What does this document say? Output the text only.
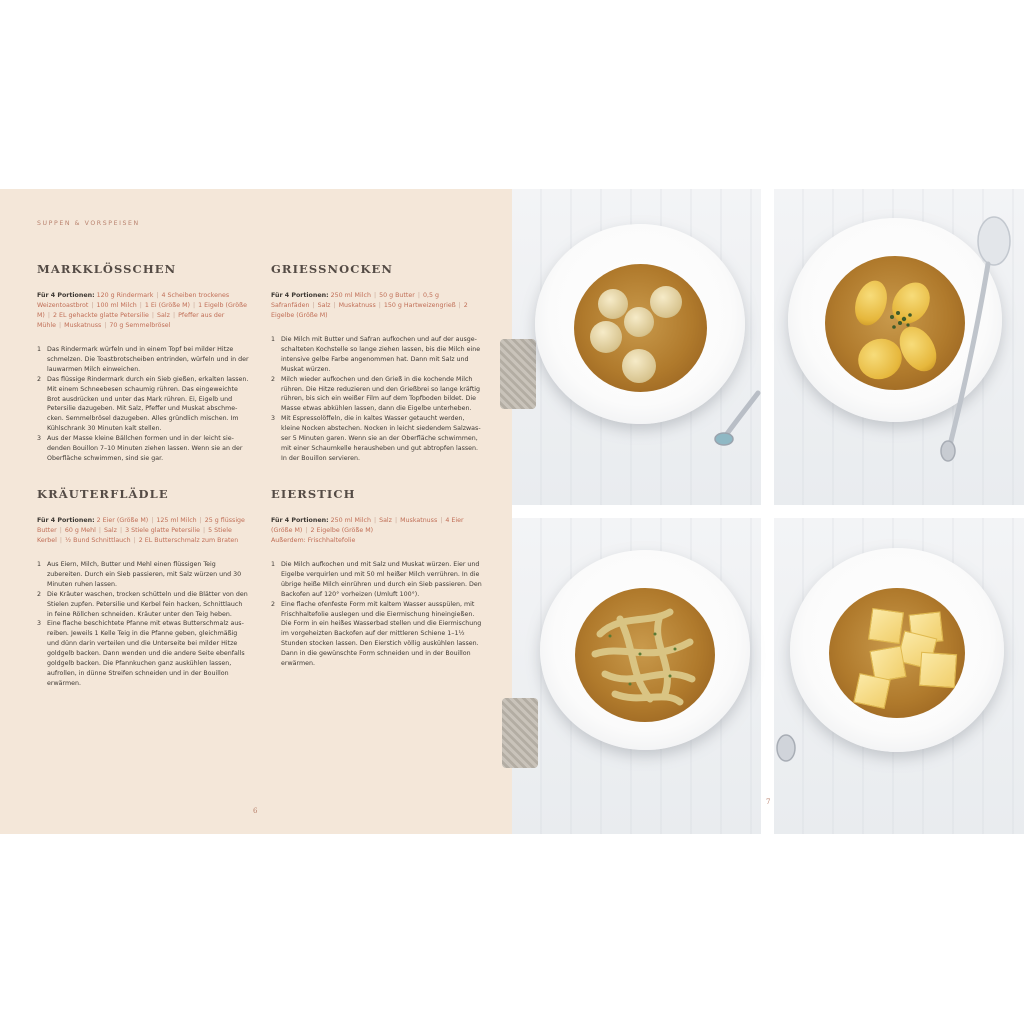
SUPPEN & VORSPEISEN
MARKKLÖSSCHEN

Für 4 Portionen: 120 g Rindermark | 4 Scheiben trockenes Weizentoastbrot | 100 ml Milch | 1 Ei (Größe M) | 1 Eigelb (Größe M) | 2 EL gehackte glatte Petersilie | Salz | Pfeffer aus der Mühle | Muskatnuss | 70 g Semmelbrösel

1 Das Rindermark würfeln und in einem Topf bei milder Hitze schmelzen. Die Toastbrotscheiben entrinden, würfeln und in der lauwarmen Milch einweichen.
2 Das flüssige Rindermark durch ein Sieb gießen, erkalten lassen. Mit einem Schneebesen schaumig rühren. Das eingeweichte Brot ausdrücken und unter das Mark rühren. Ei, Eigelb und Petersilie dazugeben. Mit Salz, Pfeffer und Muskat abschmecken. Semmelbrösel dazugeben. Alles gründlich mischen. Im Kühlschrank 30 Minuten kalt stellen.
3 Aus der Masse kleine Bällchen formen und in der leicht siedenden Bouillon 7–10 Minuten ziehen lassen. Wenn sie an der Oberfläche schwimmen, sind sie gar.
GRIESSNOCKEN

Für 4 Portionen: 250 ml Milch | 50 g Butter | 0,5 g Safranfäden | Salz | Muskatnuss | 150 g Hartweizengrieß | 2 Eigelbe (Größe M)

1 Die Milch mit Butter und Safran aufkochen und auf der ausgeschalteten Kochstelle so lange ziehen lassen, bis die Milch eine intensive gelbe Farbe angenommen hat. Dann mit Salz und Muskat würzen.
2 Milch wieder aufkochen und den Grieß in die kochende Milch rühren. Die Hitze reduzieren und den Grießbrei so lange kräftig rühren, bis sich ein weißer Film auf dem Topfboden bildet. Die Masse etwas abkühlen lassen, dann die Eigelbe unterheben.
3 Mit Espressolöffeln, die in kaltes Wasser getaucht werden, kleine Nocken abstechen. Nocken in leicht siedendem Salzwasser 5 Minuten garen. Wenn sie an der Oberfläche schwimmen, mit einer Schaumkelle herausheben und gut abtropfen lassen. In der Bouillon servieren.
KRÄUTERFLÄDLE

Für 4 Portionen: 2 Eier (Größe M) | 125 ml Milch | 25 g flüssige Butter | 60 g Mehl | Salz | 3 Stiele glatte Petersilie | 5 Stiele Kerbel | ½ Bund Schnittlauch | 2 EL Butterschmalz zum Braten

1 Aus Eiern, Milch, Butter und Mehl einen flüssigen Teig zubereiten. Durch ein Sieb passieren, mit Salz würzen und 30 Minuten ruhen lassen.
2 Die Kräuter waschen, trocken schütteln und die Blätter von den Stielen zupfen. Petersilie und Kerbel fein hacken, Schnittlauch in feine Röllchen schneiden. Kräuter unter den Teig heben.
3 Eine flache beschichtete Pfanne mit etwas Butterschmalz ausreiben. Jeweils 1 Kelle Teig in die Pfanne geben, gleichmäßig und dünn darin verteilen und die Unterseite bei milder Hitze goldgelb backen. Dann wenden und die andere Seite ebenfalls goldgelb backen. Die Pfannkuchen ganz auskühlen lassen, aufrollen, in dünne Streifen schneiden und in der Bouillon erwärmen.
EIERSTICH

Für 4 Portionen: 250 ml Milch | Salz | Muskatnuss | 4 Eier (Größe M) | 2 Eigelbe (Größe M)
Außerdem: Frischhaltefolie

1 Die Milch aufkochen und mit Salz und Muskat würzen. Eier und Eigelbe verquirlen und mit 50 ml heißer Milch verrühren. In die übrige heiße Milch einrühren und durch ein Sieb passieren. Den Backofen auf 120° vorheizen (Umluft 100°).
2 Eine flache ofenfeste Form mit kaltem Wasser ausspülen, mit Frischhaltefolie auslegen und die Eiermischung hineingießen. Die Form in ein heißes Wasserbad stellen und die Eiermischung im vorgeheizten Backofen auf der mittleren Schiene 1–1½ Stunden stocken lassen. Den Eierstich völlig auskühlen lassen. Dann in die gewünschte Form schneiden und in der Bouillon erwärmen.
6
7
